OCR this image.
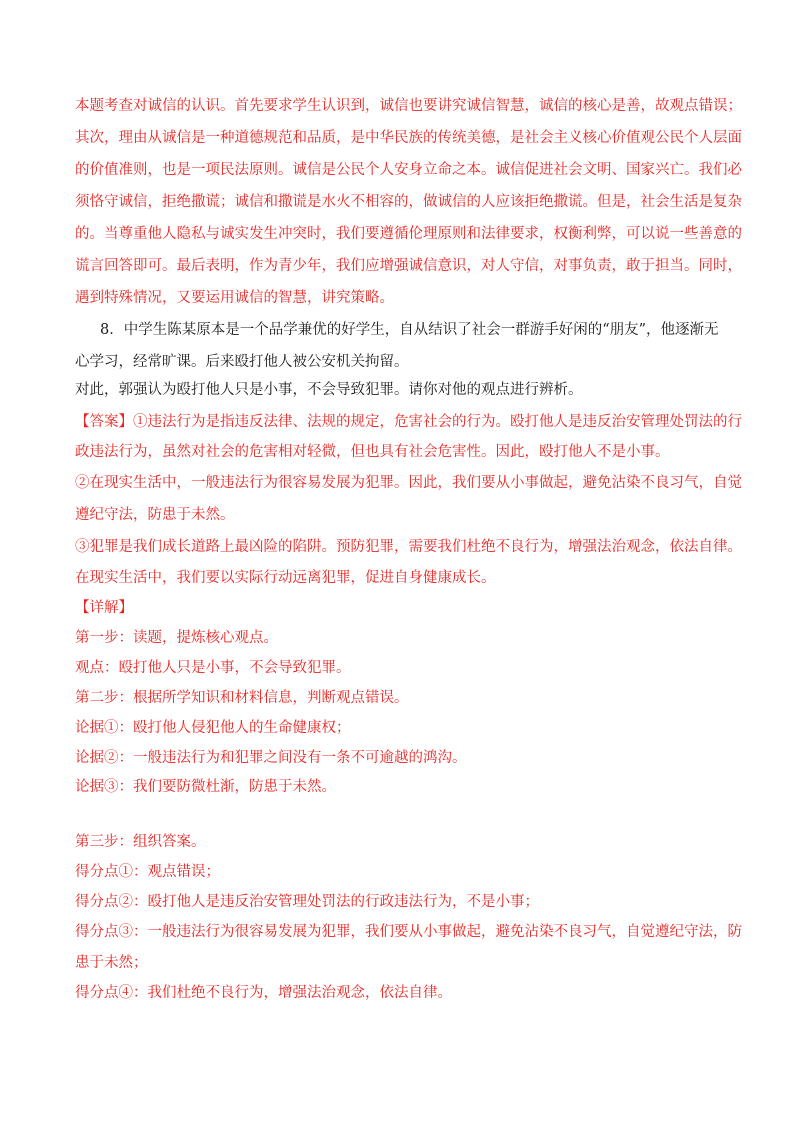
本题考查对诚信的认识。首先要求学生认识到，诚信也要讲究诚信智慧，诚信的核心是善，故观点错误；
其次，理由从诚信是一种道德规范和品质，是中华民族的传统美德，是社会主义核心价值观公民个人层面
的价值准则，也是一项民法原则。诚信是公民个人安身立命之本。诚信促进社会文明、国家兴亡。我们必
须恪守诚信，拒绝撒谎；诚信和撒谎是水火不相容的，做诚信的人应该拒绝撒谎。但是，社会生活是复杂
的。当尊重他人隐私与诚实发生冲突时，我们要遵循伦理原则和法律要求，权衡利弊，可以说一些善意的
谎言回答即可。最后表明，作为青少年，我们应增强诚信意识，对人守信，对事负责，敢于担当。同时，
遇到特殊情况，又要运用诚信的智慧，讲究策略。
8．中学生陈某原本是一个品学兼优的好学生，自从结识了社会一群游手好闲的“朋友”，他逐渐无
心学习，经常旷课。后来殴打他人被公安机关拘留。
对此，郭强认为殴打他人只是小事，不会导致犯罪。请你对他的观点进行辨析。
【答案】①违法行为是指违反法律、法规的规定，危害社会的行为。殴打他人是违反治安管理处罚法的行
政违法行为，虽然对社会的危害相对轻微，但也具有社会危害性。因此，殴打他人不是小事。
②在现实生活中，一般违法行为很容易发展为犯罪。因此，我们要从小事做起，避免沾染不良习气，自觉
遵纪守法，防患于未然。
③犯罪是我们成长道路上最凶险的陷阱。预防犯罪，需要我们杜绝不良行为，增强法治观念，依法自律。
在现实生活中，我们要以实际行动远离犯罪，促进自身健康成长。
【详解】
第一步：读题，提炼核心观点。
观点：殴打他人只是小事，不会导致犯罪。
第二步：根据所学知识和材料信息，判断观点错误。
论据①：殴打他人侵犯他人的生命健康权；
论据②：一般违法行为和犯罪之间没有一条不可逾越的鸿沟。
论据③：我们要防微杜渐，防患于未然。
第三步：组织答案。
得分点①：观点错误；
得分点②：殴打他人是违反治安管理处罚法的行政违法行为，不是小事；
得分点③：一般违法行为很容易发展为犯罪，我们要从小事做起，避免沾染不良习气，自觉遵纪守法，防
患于未然；
得分点④：我们杜绝不良行为，增强法治观念，依法自律。
